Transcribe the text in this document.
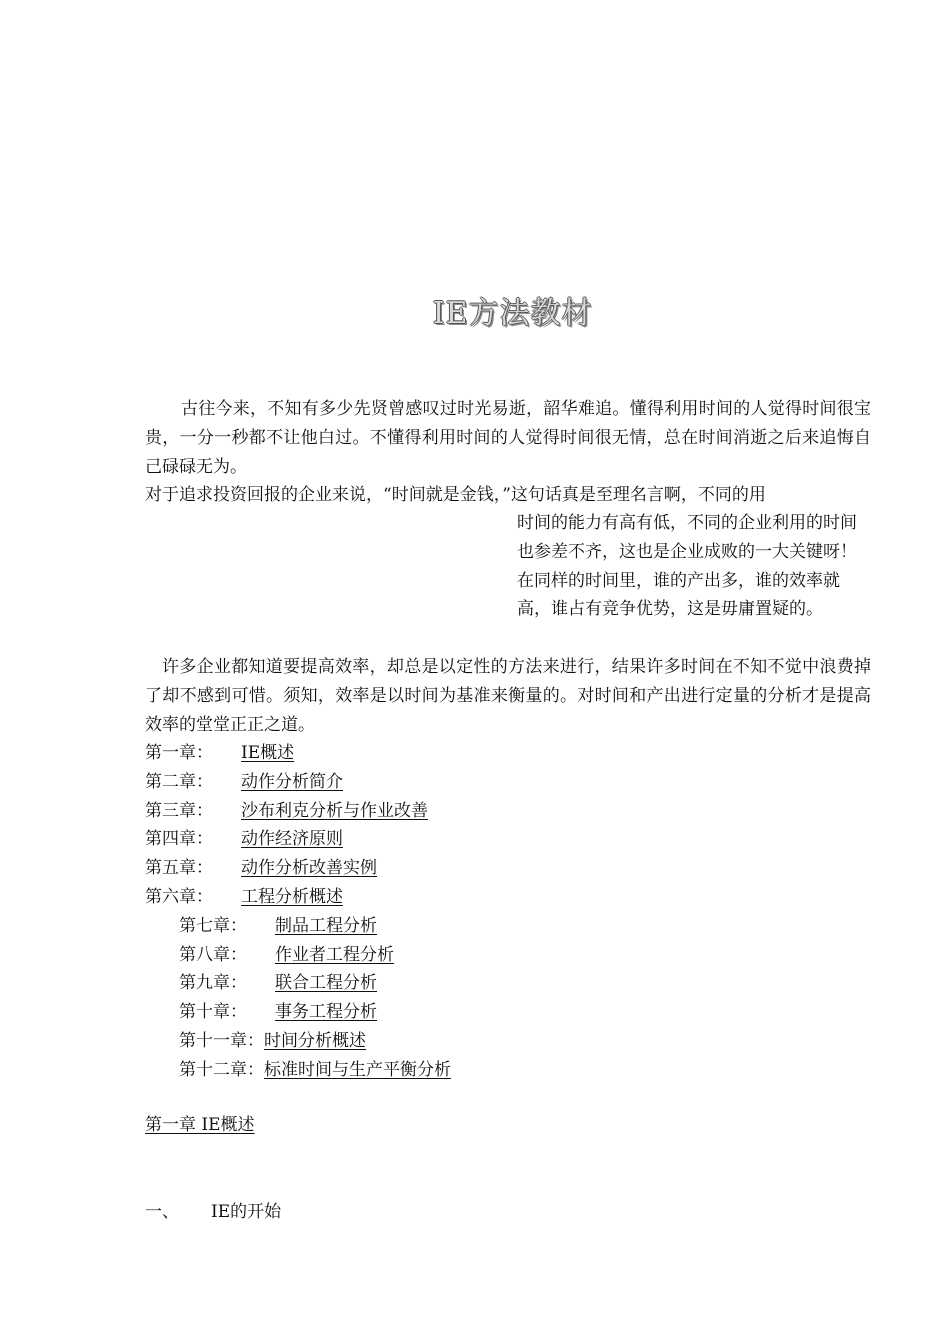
IE方法教材

古往今来，不知有多少先贤曾感叹过时光易逝，韶华难追。懂得利用时间的人觉得时间很宝贵，一分一秒都不让他白过。不懂得利用时间的人觉得时间很无情，总在时间消逝之后来追悔自己碌碌无为。

对于追求投资回报的企业来说，“时间就是金钱，”这句话真是至理名言啊，不同的用

时间的能力有高有低，不同的企业利用的时间也参差不齐，这也是企业成败的一大关键呀！在同样的时间里，谁的产出多，谁的效率就高，谁占有竞争优势，这是毋庸置疑的。

许多企业都知道要提高效率，却总是以定性的方法来进行，结果许多时间在不知不觉中浪费掉了却不感到可惜。须知，效率是以时间为基准来衡量的。对时间和产出进行定量的分析才是提高效率的堂堂正正之道。

第一章： IE概述
第二章： 动作分析简介
第三章： 沙布利克分析与作业改善
第四章： 动作经济原则
第五章： 动作分析改善实例
第六章： 工程分析概述
第七章： 制品工程分析
第八章： 作业者工程分析
第九章： 联合工程分析
第十章： 事务工程分析
第十一章：时间分析概述
第十二章：标准时间与生产平衡分析
第一章 IE概述
一、 IE的开始
